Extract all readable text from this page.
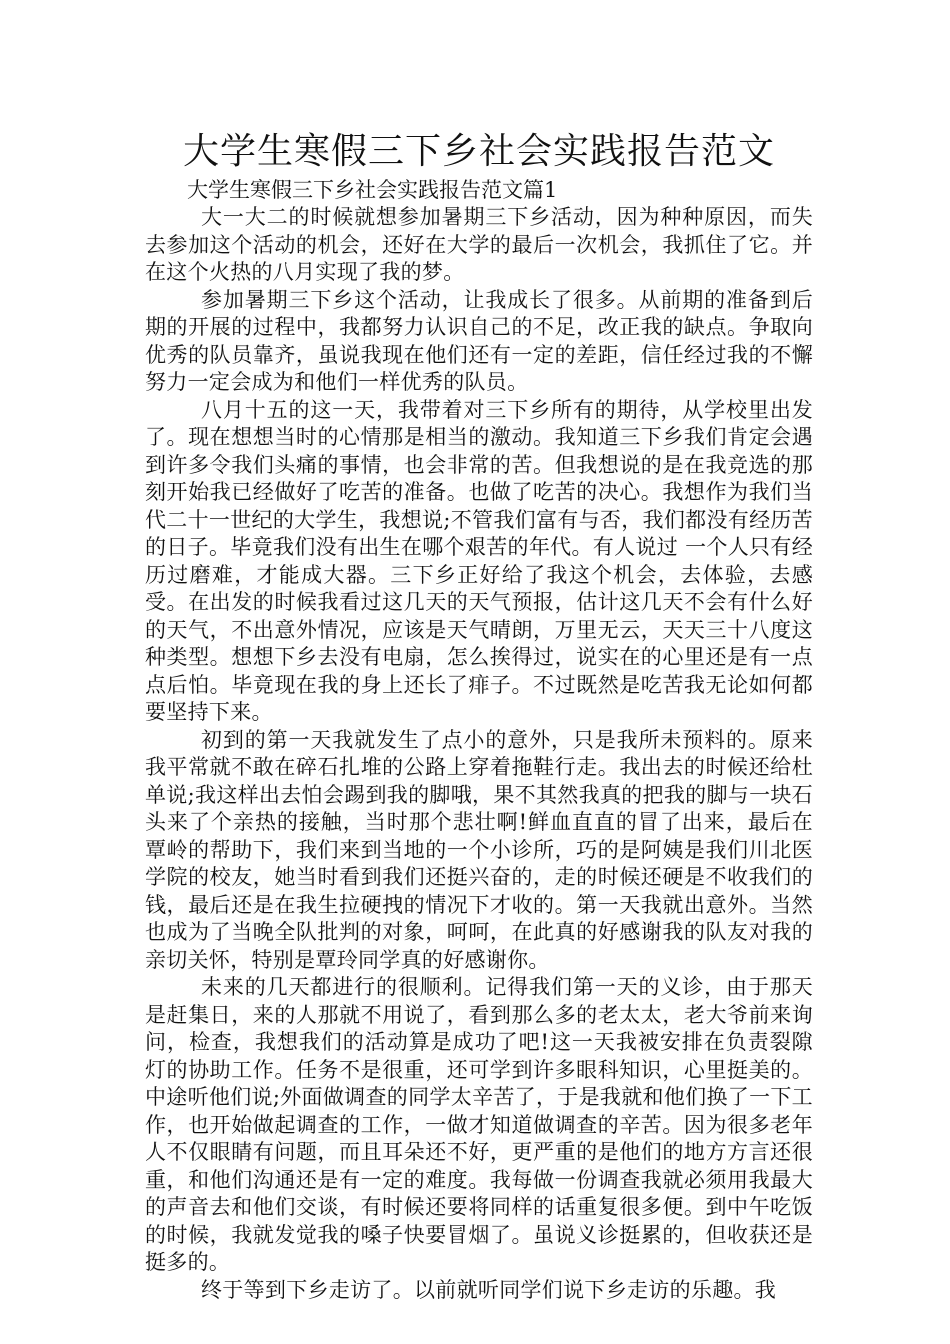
大学生寒假三下乡社会实践报告范文
大学生寒假三下乡社会实践报告范文篇1

大一大二的时候就想参加暑期三下乡活动，因为种种原因，而失去参加这个活动的机会，还好在大学的最后一次机会，我抓住了它。并在这个火热的八月实现了我的梦。

参加暑期三下乡这个活动，让我成长了很多。从前期的准备到后期的开展的过程中，我都努力认识自己的不足，改正我的缺点。争取向优秀的队员靠齐，虽说我现在他们还有一定的差距，信任经过我的不懈努力一定会成为和他们一样优秀的队员。

八月十五的这一天，我带着对三下乡所有的期待，从学校里出发了。现在想想当时的心情那是相当的激动。我知道三下乡我们肯定会遇到许多令我们头痛的事情，也会非常的苦。但我想说的是在我竞选的那刻开始我已经做好了吃苦的准备。也做了吃苦的决心。我想作为我们当代二十一世纪的大学生，我想说;不管我们富有与否，我们都没有经历苦的日子。毕竟我们没有出生在哪个艰苦的年代。有人说过 一个人只有经历过磨难，才能成大器。三下乡正好给了我这个机会，去体验，去感受。在出发的时候我看过这几天的天气预报，估计这几天不会有什么好的天气，不出意外情况，应该是天气晴朗，万里无云，天天三十八度这种类型。想想下乡去没有电扇，怎么挨得过，说实在的心里还是有一点点后怕。毕竟现在我的身上还长了痱子。不过既然是吃苦我无论如何都要坚持下来。

初到的第一天我就发生了点小的意外，只是我所未预料的。原来我平常就不敢在碎石扎堆的公路上穿着拖鞋行走。我出去的时候还给杜单说;我这样出去怕会踢到我的脚哦，果不其然我真的把我的脚与一块石头来了个亲热的接触，当时那个悲壮啊!鲜血直直的冒了出来，最后在覃岭的帮助下，我们来到当地的一个小诊所，巧的是阿姨是我们川北医学院的校友，她当时看到我们还挺兴奋的，走的时候还硬是不收我们的钱，最后还是在我生拉硬拽的情况下才收的。第一天我就出意外。当然也成为了当晚全队批判的对象，呵呵，在此真的好感谢我的队友对我的亲切关怀，特别是覃玲同学真的好感谢你。

未来的几天都进行的很顺利。记得我们第一天的义诊，由于那天是赶集日，来的人那就不用说了，看到那么多的老太太，老大爷前来询问，检查，我想我们的活动算是成功了吧!这一天我被安排在负责裂隙灯的协助工作。任务不是很重，还可学到许多眼科知识，心里挺美的。中途听他们说;外面做调查的同学太辛苦了，于是我就和他们换了一下工作，也开始做起调查的工作，一做才知道做调查的辛苦。因为很多老年人不仅眼睛有问题，而且耳朵还不好，更严重的是他们的地方方言还很重，和他们沟通还是有一定的难度。我每做一份调查我就必须用我最大的声音去和他们交谈，有时候还要将同样的话重复很多便。到中午吃饭的时候，我就发觉我的嗓子快要冒烟了。虽说义诊挺累的，但收获还是挺多的。

终于等到下乡走访了。以前就听同学们说下乡走访的乐趣。我
